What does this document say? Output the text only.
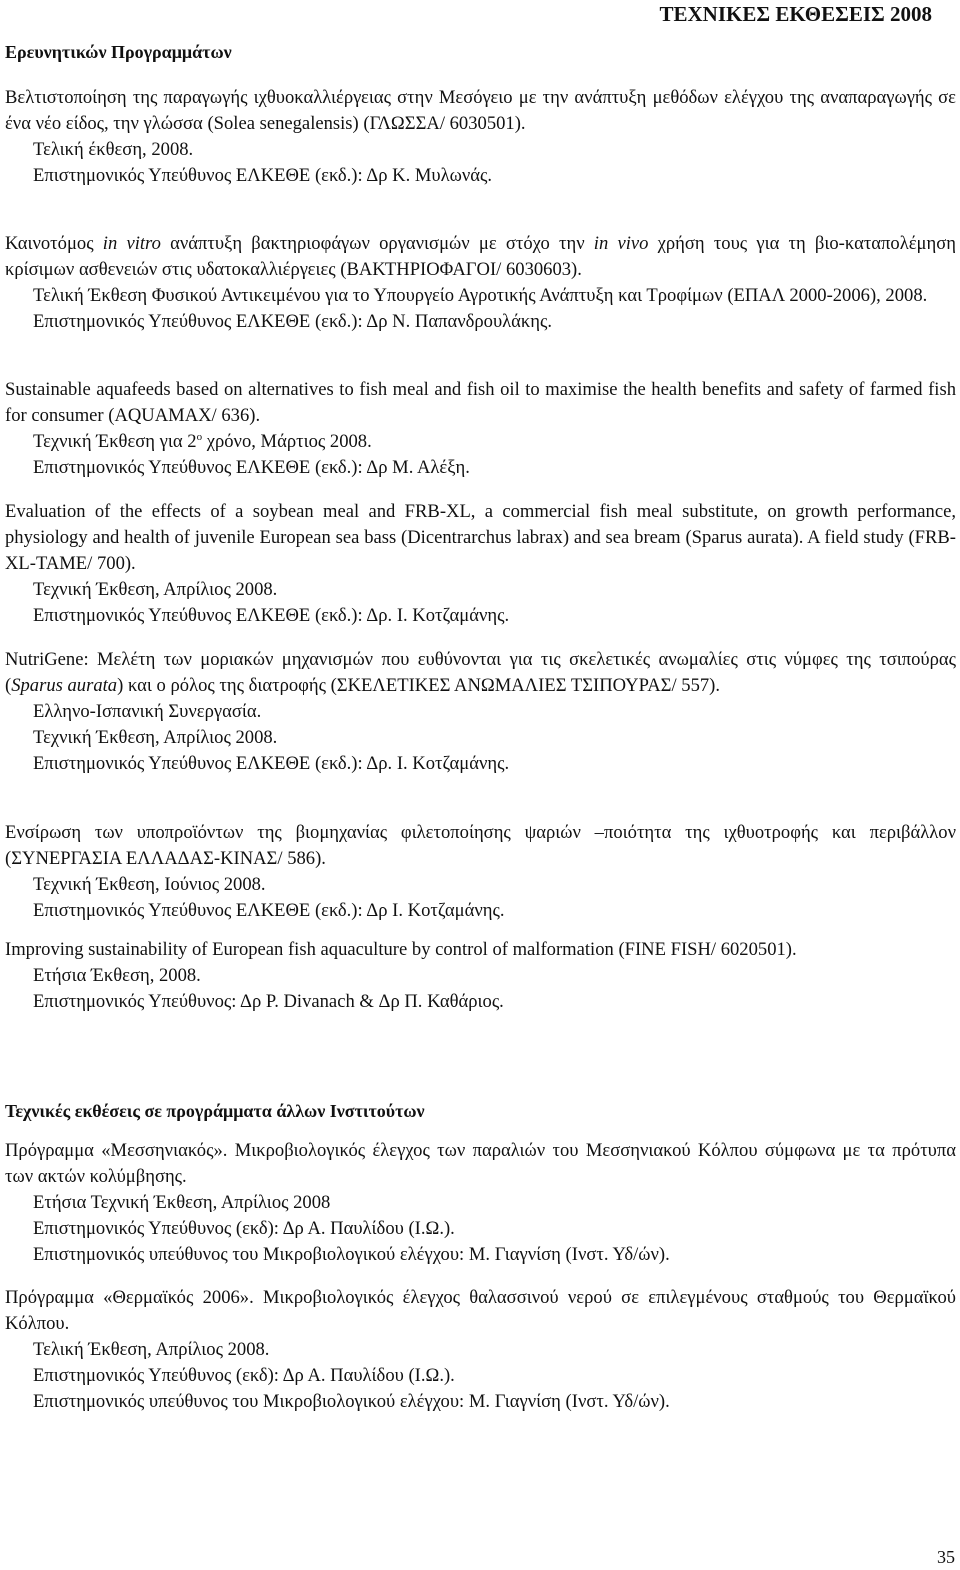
ΤΕΧΝΙΚΕΣ ΕΚΘΕΣΕΙΣ 2008
Ερευνητικών Προγραμμάτων
Βελτιστοποίηση της παραγωγής ιχθυοκαλλιέργειας στην Μεσόγειο με την ανάπτυξη μεθόδων ελέγχου της αναπαραγωγής σε ένα νέο είδος, την γλώσσα (Solea senegalensis) (ΓΛΩΣΣΑ/ 6030501).
Τελική έκθεση, 2008.
Επιστημονικός Υπεύθυνος ΕΛΚΕΘΕ (εκδ.): Δρ Κ. Μυλωνάς.
Καινοτόμος in vitro ανάπτυξη βακτηριοφάγων οργανισμών με στόχο την in vivo χρήση τους για τη βιο-καταπολέμηση κρίσιμων ασθενειών στις υδατοκαλλιέργειες (ΒΑΚΤΗΡΙΟΦΑΓΟΙ/ 6030603).
Τελική Έκθεση Φυσικού Αντικειμένου για το Υπουργείο Αγροτικής Ανάπτυξη και Τροφίμων (ΕΠΑΛ 2000-2006), 2008.
Επιστημονικός Υπεύθυνος ΕΛΚΕΘΕ (εκδ.): Δρ Ν. Παπανδρουλάκης.
Sustainable aquafeeds based on alternatives to fish meal and fish oil to maximise the health benefits and safety of farmed fish for consumer (AQUAMAX/ 636).
Τεχνική Έκθεση για $2^o$ χρόνο, Μάρτιος 2008.
Επιστημονικός Υπεύθυνος ΕΛΚΕΘΕ (εκδ.): Δρ Μ. Αλέξη.
Evaluation of the effects of a soybean meal and FRB-XL, a commercial fish meal substitute, on growth performance, physiology and health of juvenile European sea bass (Dicentrarchus labrax) and sea bream (Sparus aurata). A field study (FRB-XL-TAME/ 700).
Τεχνική Έκθεση, Απρίλιος 2008.
Επιστημονικός Υπεύθυνος ΕΛΚΕΘΕ (εκδ.): Δρ. Ι. Κοτζαμάνης.
NutriGene: Μελέτη των μοριακών μηχανισμών που ευθύνονται για τις σκελετικές ανωμαλίες στις νύμφες της τσιπούρας (Sparus aurata) και ο ρόλος της διατροφής (ΣΚΕΛΕΤΙΚΕΣ ΑΝΩΜΑΛΙΕΣ ΤΣΙΠΟΥΡΑΣ/ 557).
Ελληνο-Ισπανική Συνεργασία.
Τεχνική Έκθεση, Απρίλιος 2008.
Επιστημονικός Υπεύθυνος ΕΛΚΕΘΕ (εκδ.): Δρ. Ι. Κοτζαμάνης.
Ενσίρωση των υποπροϊόντων της βιομηχανίας φιλετοποίησης ψαριών –ποιότητα της ιχθυοτροφής και περιβάλλον (ΣΥΝΕΡΓΑΣΙΑ ΕΛΛΑΔΑΣ-ΚΙΝΑΣ/ 586).
Τεχνική Έκθεση, Ιούνιος 2008.
Επιστημονικός Υπεύθυνος ΕΛΚΕΘΕ (εκδ.): Δρ Ι. Κοτζαμάνης.
Improving sustainability of European fish aquaculture by control of malformation (FINE FISH/ 6020501).
Ετήσια Έκθεση, 2008.
Επιστημονικός Υπεύθυνος: Δρ Ρ. Divanach & Δρ Π. Καθάριος.
Τεχνικές εκθέσεις σε προγράμματα άλλων Ινστιτούτων
Πρόγραμμα «Μεσσηνιακός». Μικροβιολογικός έλεγχος των παραλιών του Μεσσηνιακού Κόλπου σύμφωνα με τα πρότυπα των ακτών κολύμβησης.
Ετήσια Τεχνική Έκθεση, Απρίλιος 2008
Επιστημονικός Υπεύθυνος (εκδ): Δρ Α. Παυλίδου (Ι.Ω.).
Επιστημονικός υπεύθυνος του Μικροβιολογικού ελέγχου: Μ. Γιαγνίση (Ινστ. Υδ/ών).
Πρόγραμμα «Θερμαϊκός 2006». Μικροβιολογικός έλεγχος θαλασσινού νερού σε επιλεγμένους σταθμούς του Θερμαϊκού Κόλπου.
Τελική Έκθεση, Απρίλιος 2008.
Επιστημονικός Υπεύθυνος (εκδ): Δρ Α. Παυλίδου (Ι.Ω.).
Επιστημονικός υπεύθυνος του Μικροβιολογικού ελέγχου: Μ. Γιαγνίση (Ινστ. Υδ/ών).
35
